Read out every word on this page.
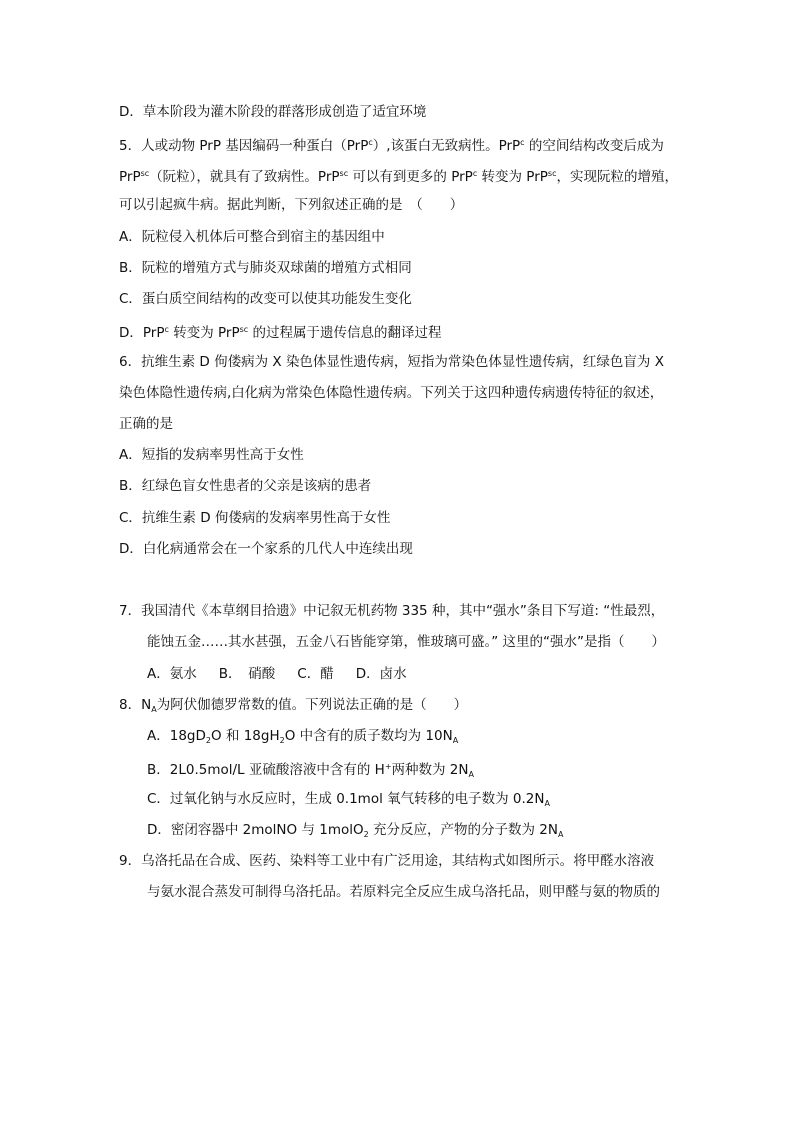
D．草本阶段为灌木阶段的群落形成创造了适宜环境
5．人或动物 PrP 基因编码一种蛋白（PrP$^c$）,该蛋白无致病性。PrP$^c$ 的空间结构改变后成为
PrP$^{sc}$（阮粒），就具有了致病性。PrP$^{sc}$ 可以有到更多的 PrP$^c$ 转变为 PrP$^{sc}$，实现阮粒的增殖，
可以引起疯牛病。据此判断，下列叙述正确的是　（　　）
A．阮粒侵入机体后可整合到宿主的基因组中
B．阮粒的增殖方式与肺炎双球菌的增殖方式相同
C．蛋白质空间结构的改变可以使其功能发生变化
D．PrP$^c$ 转变为 PrP$^{sc}$ 的过程属于遗传信息的翻译过程
6．抗维生素 D 佝偻病为 X 染色体显性遗传病，短指为常染色体显性遗传病，红绿色盲为 X
染色体隐性遗传病,白化病为常染色体隐性遗传病。下列关于这四种遗传病遗传特征的叙述，
正确的是
A．短指的发病率男性高于女性
B．红绿色盲女性患者的父亲是该病的患者
C．抗维生素 D 佝偻病的发病率男性高于女性
D．白化病通常会在一个家系的几代人中连续出现
7．我国清代《本草纲目拾遗》中记叙无机药物 335 种，其中“强水”条目下写道: “性最烈，
能蚀五金……其水甚强，五金八石皆能穿第，惟玻璃可盛。” 这里的“强水”是指（　　）
A．氨水 B．　硝酸 C．醋 D．卤水
8．$N_A$为阿伏伽德罗常数的值。下列说法正确的是（　　）
A．$18gD_2O$ 和 $18gH_2O$ 中含有的质子数均为 $10N_A$
B．2L0.5mol/L 亚硫酸溶液中含有的 H+两种数为 $2N_A$
C．过氧化钠与水反应时，生成 0.1mol 氧气转移的电子数为 $0.2N_A$
D．密闭容器中 2molNO 与 1molO$_2$ 充分反应，产物的分子数为 $2N_A$
9．乌洛托品在合成、医药、染料等工业中有广泛用途，其结构式如图所示。将甲醛水溶液
与氨水混合蒸发可制得乌洛托品。若原料完全反应生成乌洛托品，则甲醛与氨的物质的
